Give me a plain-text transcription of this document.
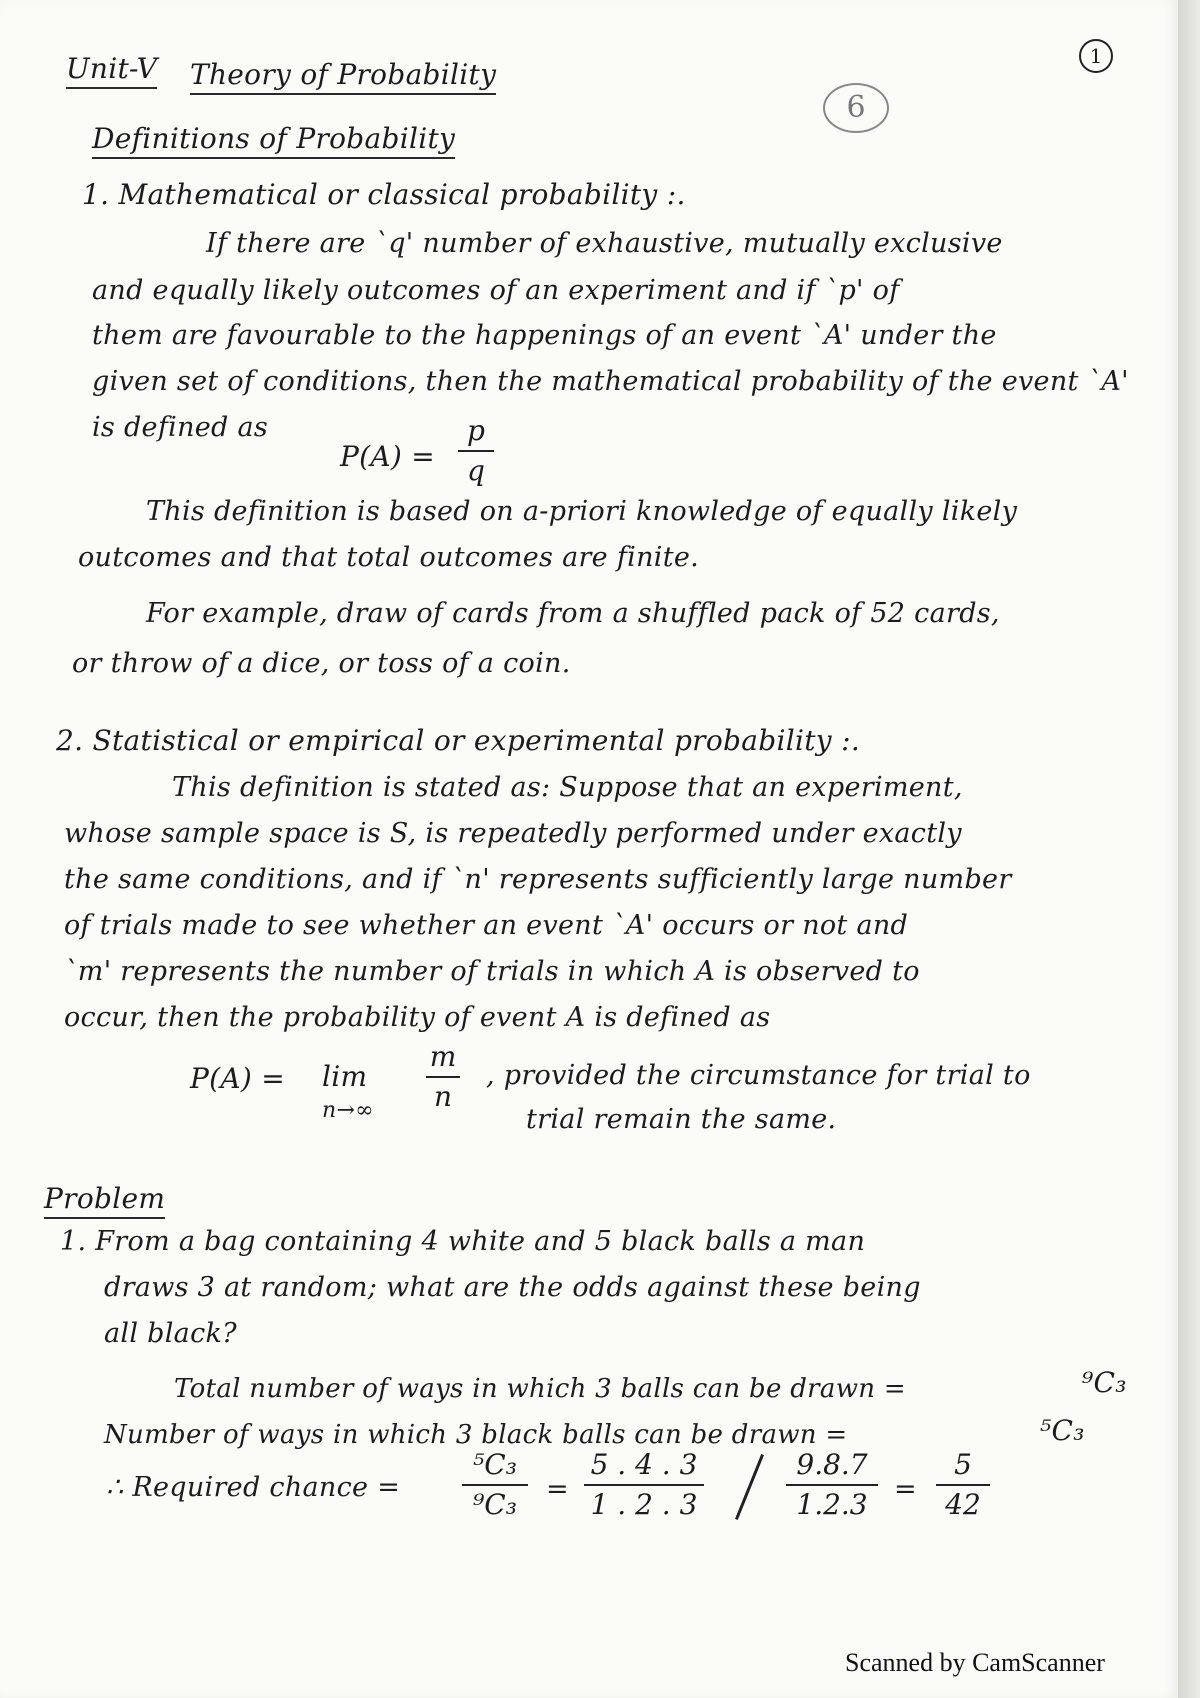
1
6
Unit-V Theory of Probability
Definitions of Probability
1. Mathematical or classical probability :.
If there are `q' number of exhaustive, mutually exclusive
and equally likely outcomes of an experiment and if `p' of
them are favourable to the happenings of an event `A' under the
given set of conditions, then the mathematical probability of the event `A'
is defined as
P(A) =
p
q
This definition is based on a-priori knowledge of equally likely
outcomes and that total outcomes are finite.
For example, draw of cards from a shuffled pack of 52 cards,
or throw of a dice, or toss of a coin.
2. Statistical or empirical or experimental probability :.
This definition is stated as: Suppose that an experiment,
whose sample space is S, is repeatedly performed under exactly
the same conditions, and if `n' represents sufficiently large number
of trials made to see whether an event `A' occurs or not and
`m' represents the number of trials in which A is observed to
occur, then the probability of event A is defined as
P(A) = lim
n→∞
m
n
, provided the circumstance for trial to
trial remain the same.
Problem
1. From a bag containing 4 white and 5 black balls a man
draws 3 at random; what are the odds against these being
all black?
Total number of ways in which 3 balls can be drawn =	⁹C₃
Number of ways in which 3 black balls can be drawn =	⁵C₃
∴ Required chance =
⁵C₃
⁹C₃	=
5 . 4 . 3
1 . 2 . 3
9.8.7
1.2.3 =
5
42
Scanned by CamScanner
